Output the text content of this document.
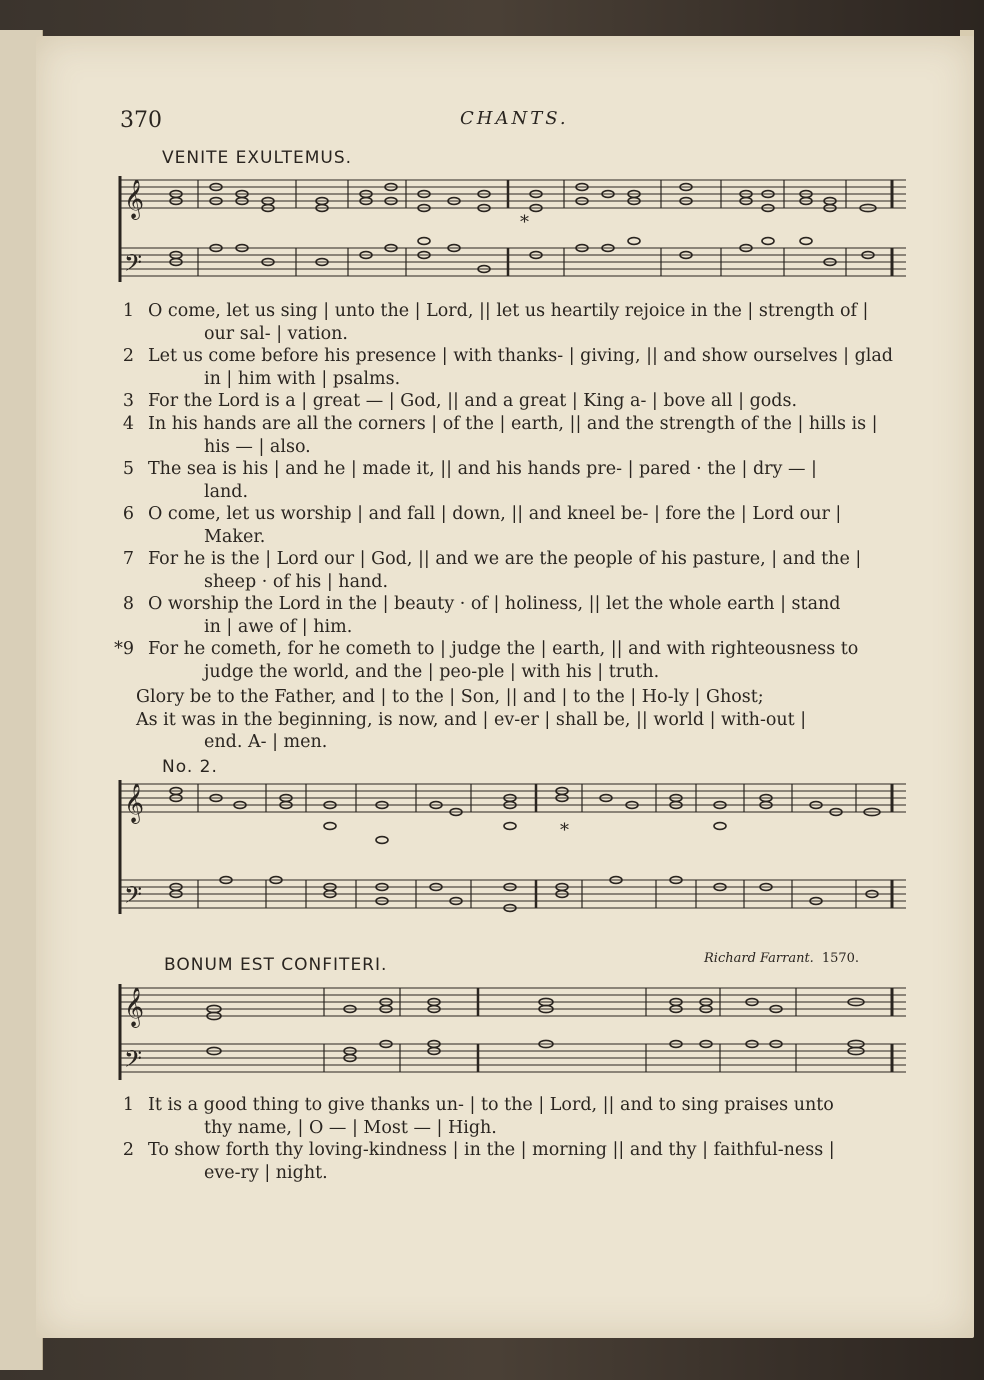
370	CHANTS.
VENITE EXULTEMUS.
𝄞
𝄢
*
1 O come, let us sing | unto the | Lord, || let us heartily rejoice in the | strength of |
our sal- | vation.
2 Let us come before his presence | with thanks- | giving, || and show ourselves | glad
in | him with | psalms.
3 For the Lord is a | great — | God, || and a great | King a- | bove all | gods.
4 In his hands are all the corners | of the | earth, || and the strength of the | hills is |
his — | also.
5 The sea is his | and he | made it, || and his hands pre- | pared · the | dry — |
land.
6 O come, let us worship | and fall | down, || and kneel be- | fore the | Lord our |
Maker.
7 For he is the | Lord our | God, || and we are the people of his pasture, | and the |
sheep · of his | hand.
8 O worship the Lord in the | beauty · of | holiness, || let the whole earth | stand
in | awe of | him.
*9 For he cometh, for he cometh to | judge the | earth, || and with righteousness to
judge the world, and the | peo-ple | with his | truth.
Glory be to the Father, and | to the | Son, || and | to the | Ho-ly | Ghost;
As it was in the beginning, is now, and | ev-er | shall be, || world | with-out |
end. A- | men.
No. 2.
𝄞
𝄢
*
BONUM EST CONFITERI.	Richard Farrant. 1570.
𝄞
𝄢
1 It is a good thing to give thanks un- | to the | Lord, || and to sing praises unto
thy name, | O — | Most — | High.
2 To show forth thy loving-kindness | in the | morning || and thy | faithful-ness |
eve-ry | night.
